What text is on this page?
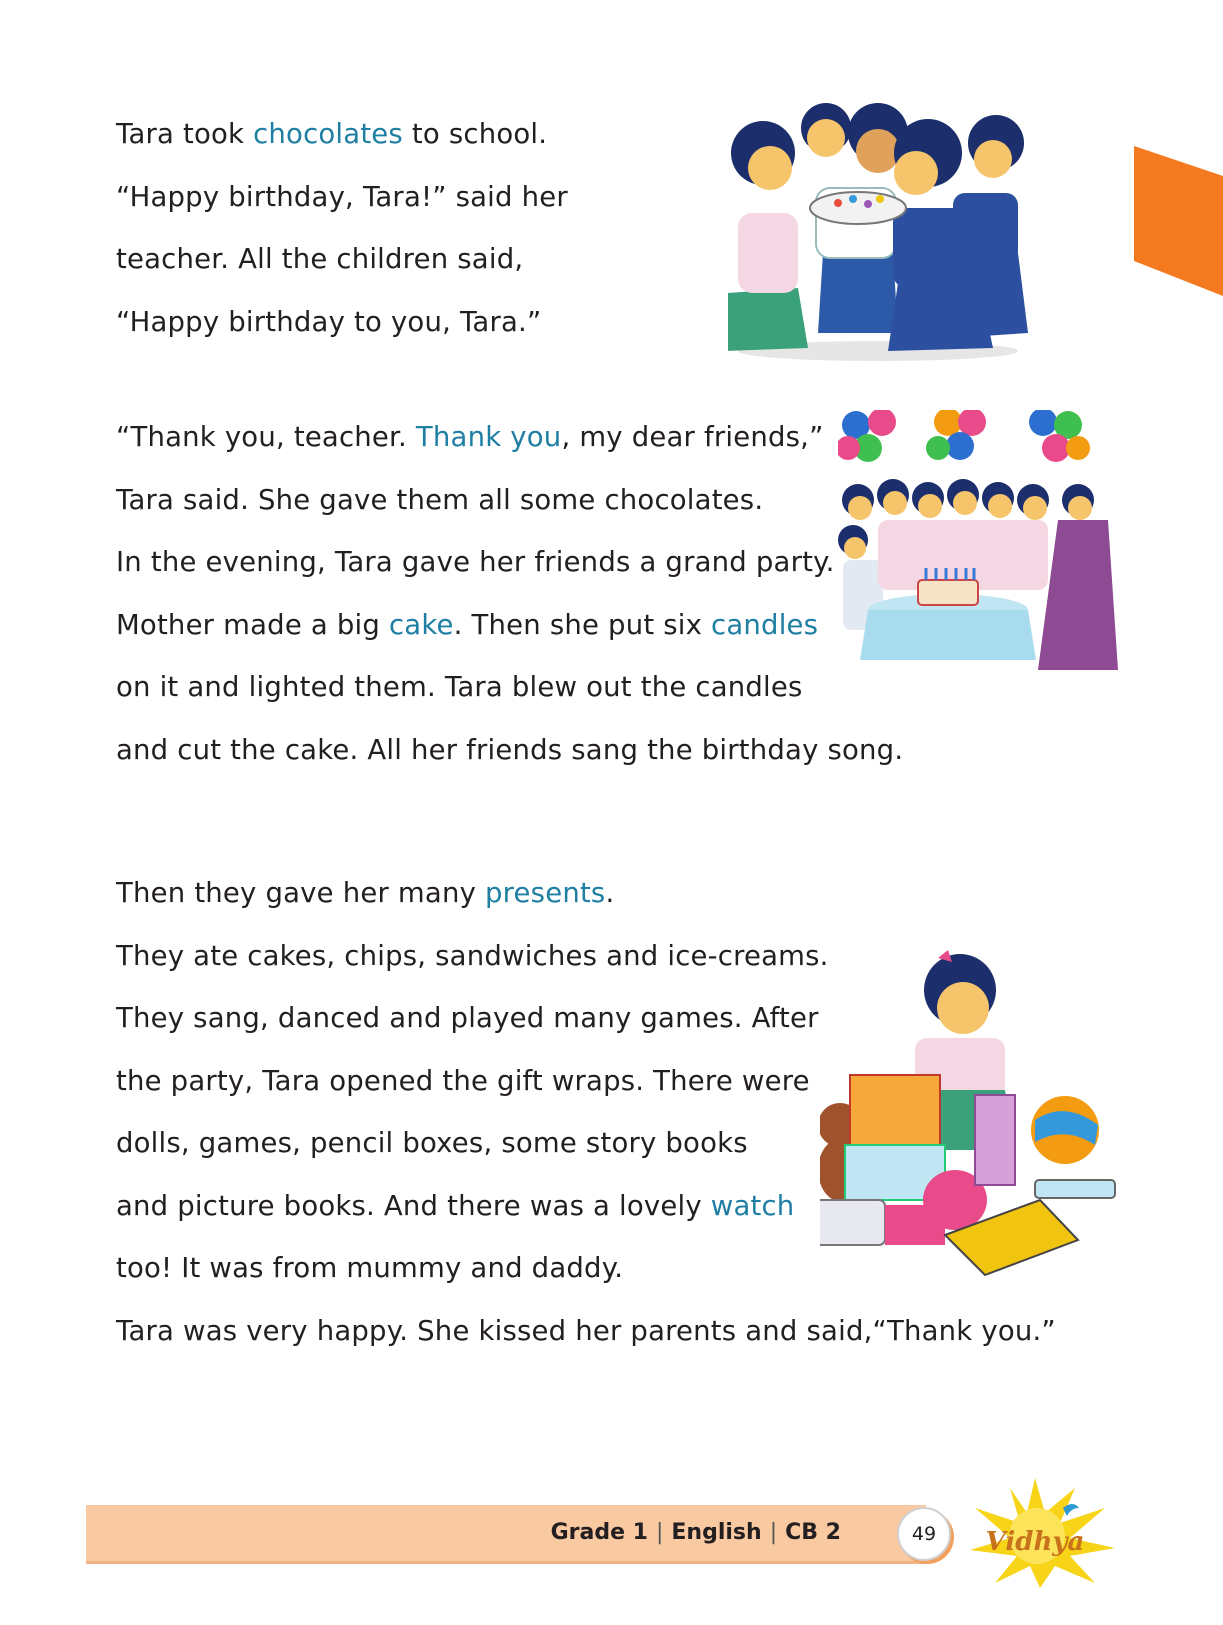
Tara took chocolates to school.
“Happy birthday, Tara!” said her
teacher. All the children said,
“Happy birthday to you, Tara.”
“Thank you, teacher. Thank you, my dear friends,”
Tara said. She gave them all some chocolates.
In the evening, Tara gave her friends a grand party.
Mother made a big cake. Then she put six candles
on it and lighted them. Tara blew out the candles
and cut the cake. All her friends sang the birthday song.
Then they gave her many presents.
They ate cakes, chips, sandwiches and ice-creams.
They sang, danced and played many games. After
the party, Tara opened the gift wraps. There were
dolls, games, pencil boxes, some story books
and picture books. And there was a lovely watch
too! It was from mummy and daddy.
Tara was very happy. She kissed her parents and said,“Thank you.”
Grade 1 | English | CB 2	49	Vidhya
